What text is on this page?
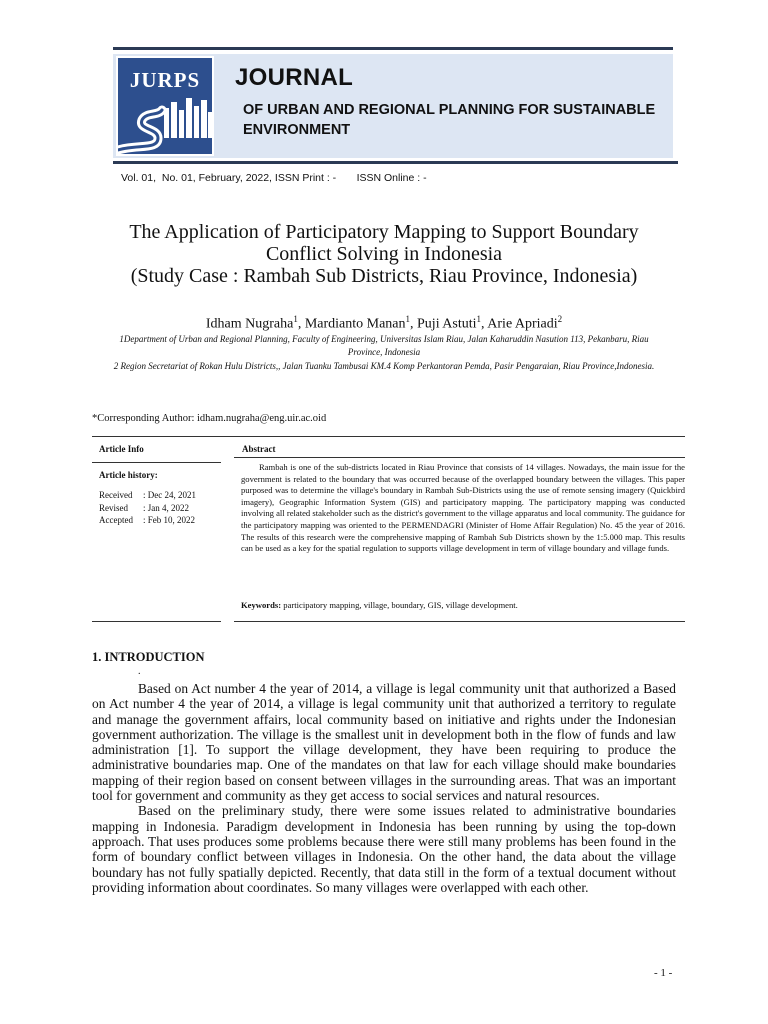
JURPS	JOURNAL
OF URBAN AND REGIONAL PLANNING FOR SUSTAINABLE ENVIRONMENT
Vol. 01,  No. 01, February, 2022, ISSN Print : -       ISSN Online : -
The Application of Participatory Mapping to Support Boundary
Conflict Solving in Indonesia
(Study Case : Rambah Sub Districts, Riau Province, Indonesia)
Idham Nugraha$^1$, Mardianto Manan$^1$, Puji Astuti$^1$, Arie Apriadi$^2$
1Department of Urban and Regional Planning, Faculty of Engineering, Universitas Islam Riau, Jalan Kaharuddin Nasution 113, Pekanbaru, Riau Province, Indonesia
2 Region Secretariat of Rokan Hulu Districts,, Jalan Tuanku Tambusai KM.4 Komp Perkantoran Pemda, Pasir Pengaraian, Riau Province,Indonesia.
*Corresponding Author: idham.nugraha@eng.uir.ac.oid
Article Info	Abstract
Article history:
Received	: Dec 24, 2021
Revised	: Jan 4, 2022
Accepted	: Feb 10, 2022
Rambah is one of the sub-districts located in Riau Province that consists of 14 villages. Nowadays, the main issue for the government is related to the boundary that was occurred because of the overlapped boundary between the villages. This paper purposed was to determine the village's boundary in Rambah Sub-Districts using the use of remote sensing imagery (Quickbird imagery), Geographic Information System (GIS) and participatory mapping. The participatory mapping was conducted involving all related stakeholder such as the district's government to the village apparatus and local community. The guidance for the participatory mapping was oriented to the PERMENDAGRI (Minister of Home Affair Regulation) No. 45 the year of 2016. The results of this research were the comprehensive mapping of Rambah Sub Districts shown by the 1:5.000 map. This results can be used as a key for the spatial regulation to supports village development in term of village boundary and village funds.
Keywords: participatory mapping, village, boundary, GIS, village development.
1. INTRODUCTION
.

Based on Act number 4 the year of 2014, a village is legal community unit that authorized a Based on Act number 4 the year of 2014, a village is legal community unit that authorized a territory to regulate and manage the government affairs, local community based on initiative and rights under the Indonesian government authorization. The village is the smallest unit in development both in the flow of funds and law administration [1]. To support the village development, they have been requiring to produce the administrative boundaries map. One of the mandates on that law for each village should make boundaries mapping of their region based on consent between villages in the surrounding areas. That was an important tool for government and community as they get access to social services and natural resources.

Based on the preliminary study, there were some issues related to administrative boundaries mapping in Indonesia. Paradigm development in Indonesia has been running by using the top-down approach. That uses produces some problems because there were still many problems has been found in the form of boundary conflict between villages in Indonesia. On the other hand, the data about the village boundary has not fully spatially depicted. Recently, that data still in the form of a textual document without providing information about coordinates. So many villages were overlapped with each other.

- 1 -
